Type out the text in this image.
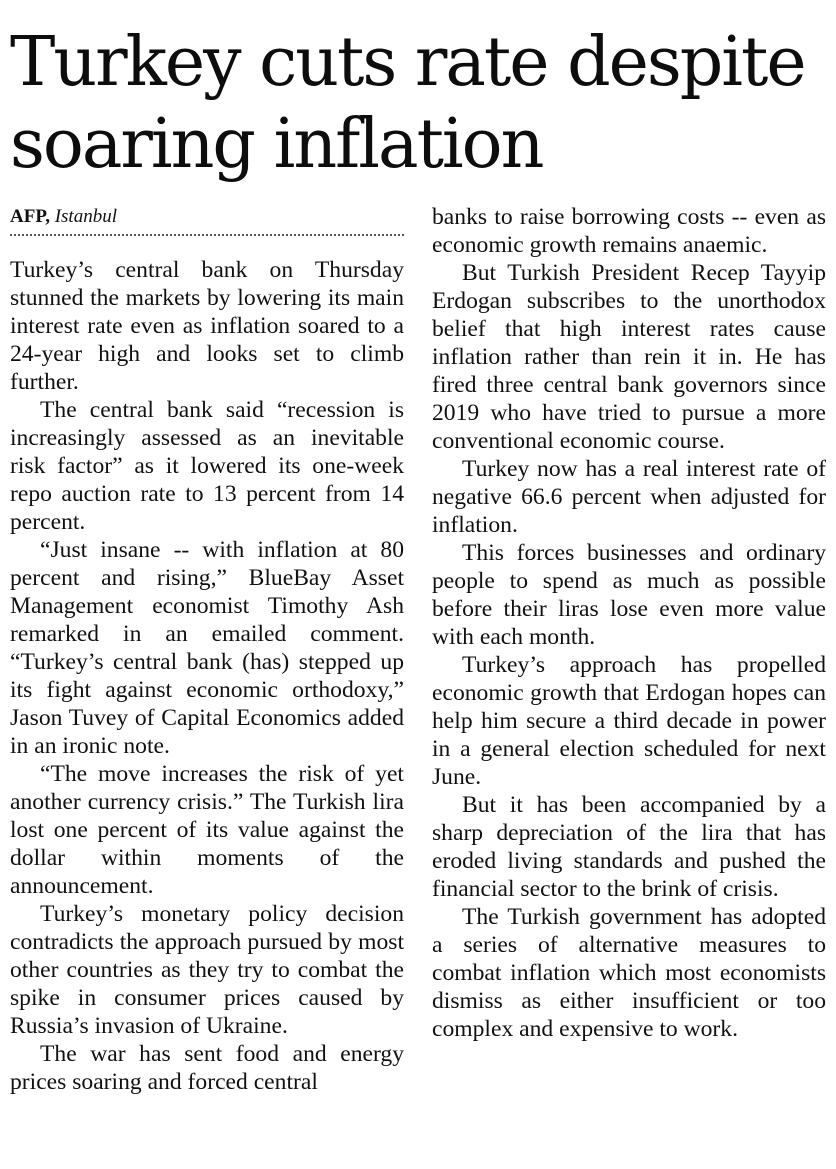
Turkey cuts rate despite soaring inflation
AFP, Istanbul

Turkey’s central bank on Thursday stunned the markets by lowering its main interest rate even as inflation soared to a 24-year high and looks set to climb further.

The central bank said “recession is increasingly assessed as an inevitable risk factor” as it lowered its one-week repo auction rate to 13 percent from 14 percent.

“Just insane -- with inflation at 80 percent and rising,” BlueBay Asset Management economist Timothy Ash remarked in an emailed comment. “Turkey’s central bank (has) stepped up its fight against economic orthodoxy,” Jason Tuvey of Capital Economics added in an ironic note.

“The move increases the risk of yet another currency crisis.” The Turkish lira lost one percent of its value against the dollar within moments of the announcement.

Turkey’s monetary policy decision contradicts the approach pursued by most other countries as they try to combat the spike in consumer prices caused by Russia’s invasion of Ukraine.

The war has sent food and energy prices soaring and forced central

banks to raise borrowing costs -- even as economic growth remains anaemic.

But Turkish President Recep Tayyip Erdogan subscribes to the unorthodox belief that high interest rates cause inflation rather than rein it in. He has fired three central bank governors since 2019 who have tried to pursue a more conventional economic course.

Turkey now has a real interest rate of negative 66.6 percent when adjusted for inflation.

This forces businesses and ordinary people to spend as much as possible before their liras lose even more value with each month.

Turkey’s approach has propelled economic growth that Erdogan hopes can help him secure a third decade in power in a general election scheduled for next June.

But it has been accompanied by a sharp depreciation of the lira that has eroded living standards and pushed the financial sector to the brink of crisis.

The Turkish government has adopted a series of alternative measures to combat inflation which most economists dismiss as either insufficient or too complex and expensive to work.
